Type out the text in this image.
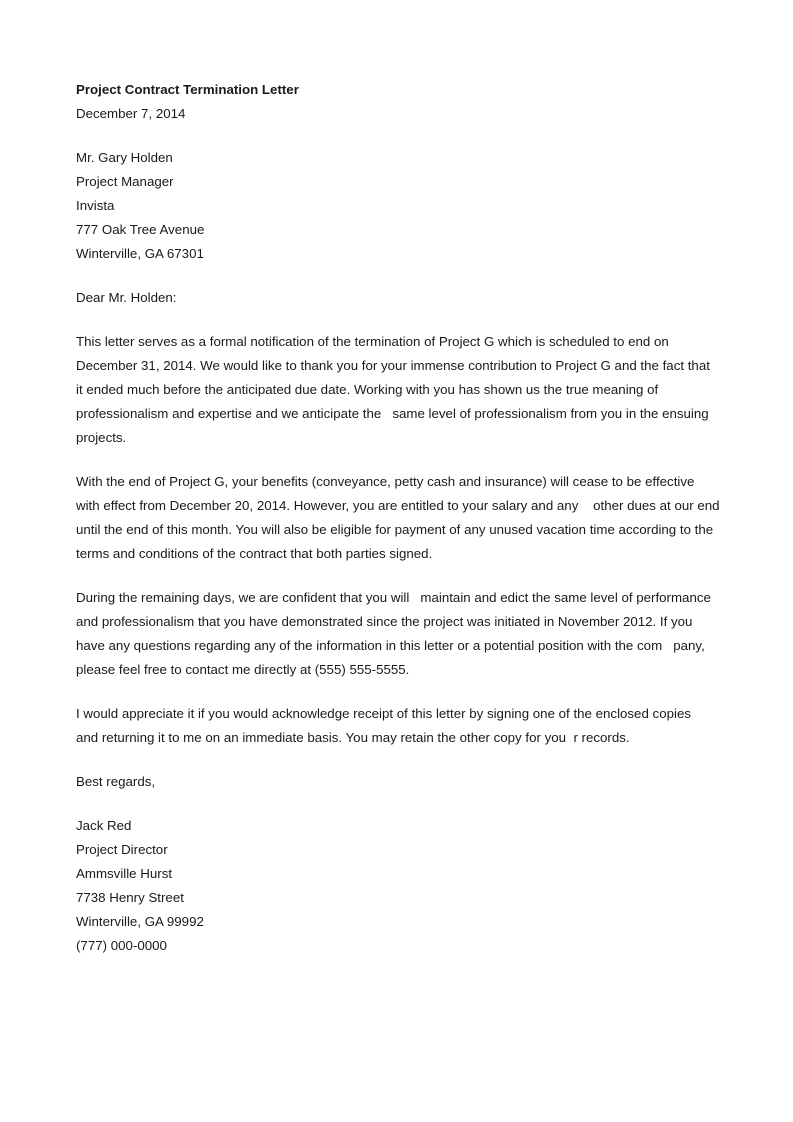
Project Contract Termination Letter
December 7, 2014
Mr. Gary Holden
Project Manager
Invista
777 Oak Tree Avenue
Winterville, GA 67301
Dear Mr. Holden:

This letter serves as a formal notification of the termination of Project G which is scheduled to end on
December 31, 2014. We would like to thank you for your immense contribution to Project G and the fact that
it ended much before the anticipated due date. Working with you has shown us the true meaning of
professionalism and expertise and we anticipate the   same level of professionalism from you in the ensuing
projects.

With the end of Project G, your benefits (conveyance, petty cash and insurance) will cease to be effective
with effect from December 20, 2014. However, you are entitled to your salary and any    other dues at our end
until the end of this month. You will also be eligible for payment of any unused vacation time according to the
terms and conditions of the contract that both parties signed.

During the remaining days, we are confident that you will   maintain and edict the same level of performance
and professionalism that you have demonstrated since the project was initiated in November 2012. If you
have any questions regarding any of the information in this letter or a potential position with the com   pany,
please feel free to contact me directly at (555) 555-5555.

I would appreciate it if you would acknowledge receipt of this letter by signing one of the enclosed copies
and returning it to me on an immediate basis. You may retain the other copy for you  r records.

Best regards,
Jack Red
Project Director
Ammsville Hurst
7738 Henry Street
Winterville, GA 99992
(777) 000-0000
